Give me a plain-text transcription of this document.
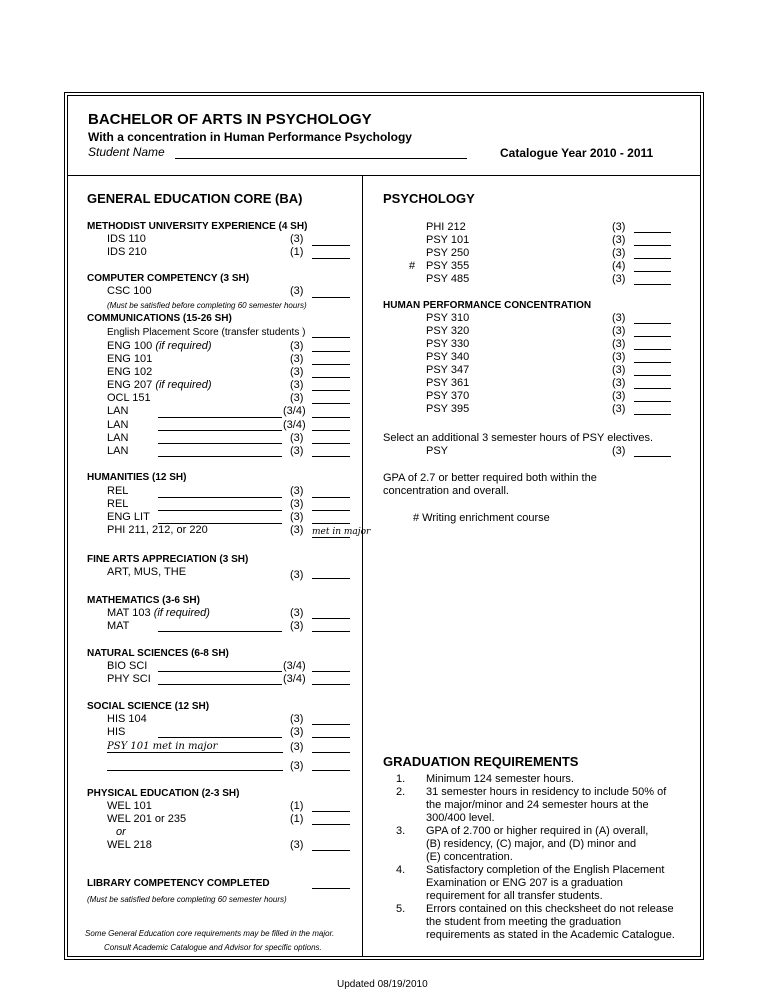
BACHELOR OF ARTS IN PSYCHOLOGY
With a concentration in Human Performance Psychology
Student Name	Catalogue Year 2010 - 2011
GENERAL EDUCATION CORE (BA)
METHODIST UNIVERSITY EXPERIENCE (4 SH)
IDS 110	(3)
IDS 210	(1)
COMPUTER COMPETENCY (3 SH)
CSC 100	(3)
(Must be satisfied before completing 60 semester hours)
COMMUNICATIONS (15-26 SH)
English Placement Score (transfer students )
ENG 100 (if required)	(3)
ENG 101	(3)
ENG 102	(3)
ENG 207 (if required)	(3)
OCL 151	(3)
LAN	(3/4)
LAN	(3/4)
LAN	(3)
LAN	(3)
HUMANITIES (12 SH)
REL	(3)
REL	(3)
ENG LIT	(3)
PHI 211, 212, or 220	(3) met in major
FINE ARTS APPRECIATION (3 SH)
ART, MUS, THE	(3)
MATHEMATICS (3-6 SH)
MAT 103 (if required)	(3)
MAT	(3)
NATURAL SCIENCES (6-8 SH)
BIO SCI	(3/4)
PHY SCI	(3/4)
SOCIAL SCIENCE (12 SH)
HIS 104	(3)
HIS	(3)
PSY 101 met in major	(3)
(3)
PHYSICAL EDUCATION (2-3 SH)
WEL 101	(1)
WEL 201 or 235	(1)
or
WEL 218	(3)
LIBRARY COMPETENCY COMPLETED
(Must be satisfied before completing 60 semester hours)
Some General Education core requirements may be filled in the major.
Consult Academic Catalogue and Advisor for specific options.
PSYCHOLOGY
PHI 212	(3)
PSY 101	(3)
PSY 250	(3)
# PSY 355	(4)
PSY 485	(3)
HUMAN PERFORMANCE CONCENTRATION
PSY 310	(3)
PSY 320	(3)
PSY 330	(3)
PSY 340	(3)
PSY 347	(3)
PSY 361	(3)
PSY 370	(3)
PSY 395	(3)
Select an additional 3 semester hours of PSY electives.
PSY	(3)
GPA of 2.7 or better required both within the
concentration and overall.
# Writing enrichment course
GRADUATION REQUIREMENTS
1. Minimum 124 semester hours.
2. 31 semester hours in residency to include 50% of
the major/minor and 24 semester hours at the
300/400 level.
3. GPA of 2.700 or higher required in (A) overall,
(B) residency, (C) major, and (D) minor and
(E) concentration.
4. Satisfactory completion of the English Placement
Examination or ENG 207 is a graduation
requirement for all transfer students.
5. Errors contained on this checksheet do not release
the student from meeting the graduation
requirements as stated in the Academic Catalogue.
Updated 08/19/2010
